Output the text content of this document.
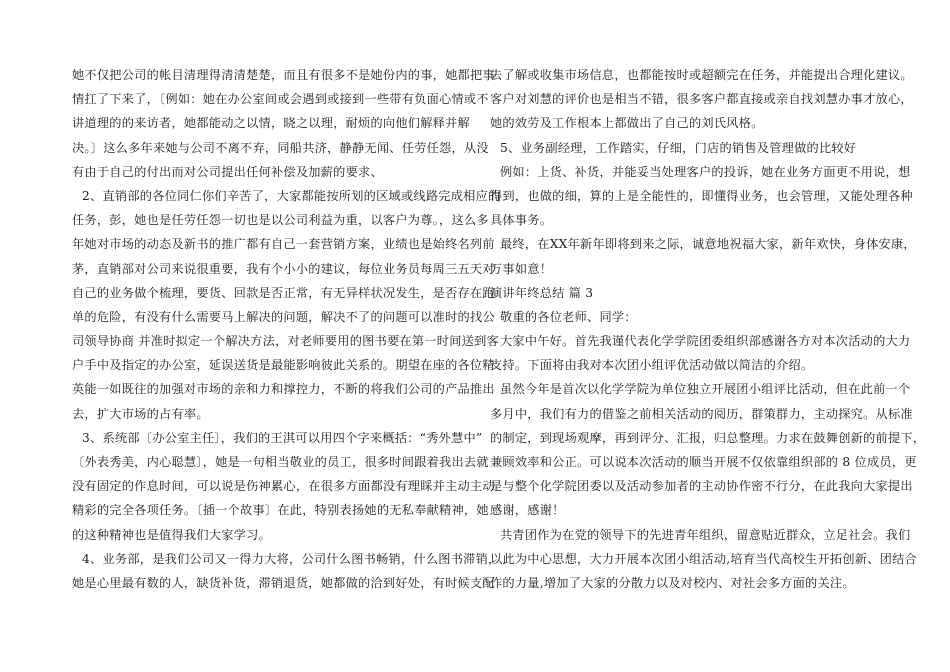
她不仅把公司的帐目清理得清清楚楚，而且有很多不是她份内的事，她都把事
情扛了下来了，〔例如：她在办公室间或会遇到或接到一些带有负面心情或不
讲道理的的来访者，她都能动之以情，晓之以理，耐烦的向他们解释并解
决。〕这么多年来她与公司不离不弃，同船共济，静静无闻、任劳任怨，从没
有由于自己的付出而对公司提出任何补偿及加薪的要求、
2、直销部的各位同仁你们辛苦了，大家都能按所划的区域或线路完成相应的
任务，彭，她也是任劳任怨一切也是以公司利益为重，以客户为尊。，这么多
年她对市场的动态及新书的推广都有自己一套营销方案，业绩也是始终名列前
茅，直销部对公司来说很重要，我有个小小的建议，每位业务员每周三五天对
自己的业务做个梳理，要货、回款是否正常，有无异样状况发生，是否存在跑
单的危险，有没有什么需要马上解决的问题，解决不了的问题可以准时的找公
司领导协商 并准时拟定一个解决方法，对老师要用的图书要在第一时间送到客
户手中及指定的办公室，延误送货是最能影响彼此关系的。期望在座的各位精
英能一如既往的加强对市场的亲和力和撑控力，不断的将我们公司的产品推出
去，扩大市场的占有率。
3、系统部〔办公室主任〕，我们的王淇可以用四个字来概括：“秀外慧中”
〔外表秀美，内心聪慧〕，她是一句相当敬业的员工，很多时间跟着我出去就
没有固定的作息时间，可以说是伤神累心，在很多方面都没有理睬并主动主动
精彩的完全各项任务。〔插一个故事〕在此，特别表扬她的无私奉献精神，她
的这种精神也是值得我们大家学习。
4、业务部，是我们公司又一得力大将，公司什么图书畅销，什么图书滞销，
她是心里最有数的人，缺货补货，滞销退货，她都做的洽到好处，有时候支配
去了解或收集市场信息，也都能按时或超额完在任务，并能提出合理化建议。
客户对刘慧的评价也是相当不错，很多客户都直接或亲自找刘慧办事才放心，
她的效劳及工作根本上都做出了自己的刘氏风格。
5、业务副经理，工作踏实，仔细，门店的销售及管理做的比较好
例如：上货、补货，并能妥当处理客户的投诉，她在业务方面更不用说，想
得到，也做的细，算的上是全能性的，即懂得业务，也会管理，又能处理各种
具体事务。
最终，在XX年新年即将到来之际，诚意地祝福大家，新年欢快，身体安康，
万事如意！
演讲年终总结 篇 3
敬重的各位老师、同学：
大家中午好。首先我谨代表化学学院团委组织部感谢各方对本次活动的大力
支持。下面将由我对本次团小组评优活动做以简洁的介绍。
虽然今年是首次以化学学院为单位独立开展团小组评比活动，但在此前一个
多月中，我们有力的借鉴之前相关活动的阅历，群策群力，主动探究。从标准
的制定，到现场观摩，再到评分、汇报，归总整理。力求在鼓舞创新的前提下，
兼顾效率和公正。可以说本次活动的顺当开展不仅依靠组织部的 8 位成员，更
是与整个化学院团委以及活动参加者的主动协作密不行分，在此我向大家提出
感谢，感谢！
共青团作为在党的领导下的先进青年组织，留意贴近群众，立足社会。我们
以此为中心思想，大力开展本次团小组活动,培育当代高校生开拓创新、团结合
作的力量,增加了大家的分散力以及对校内、对社会多方面的关注。
